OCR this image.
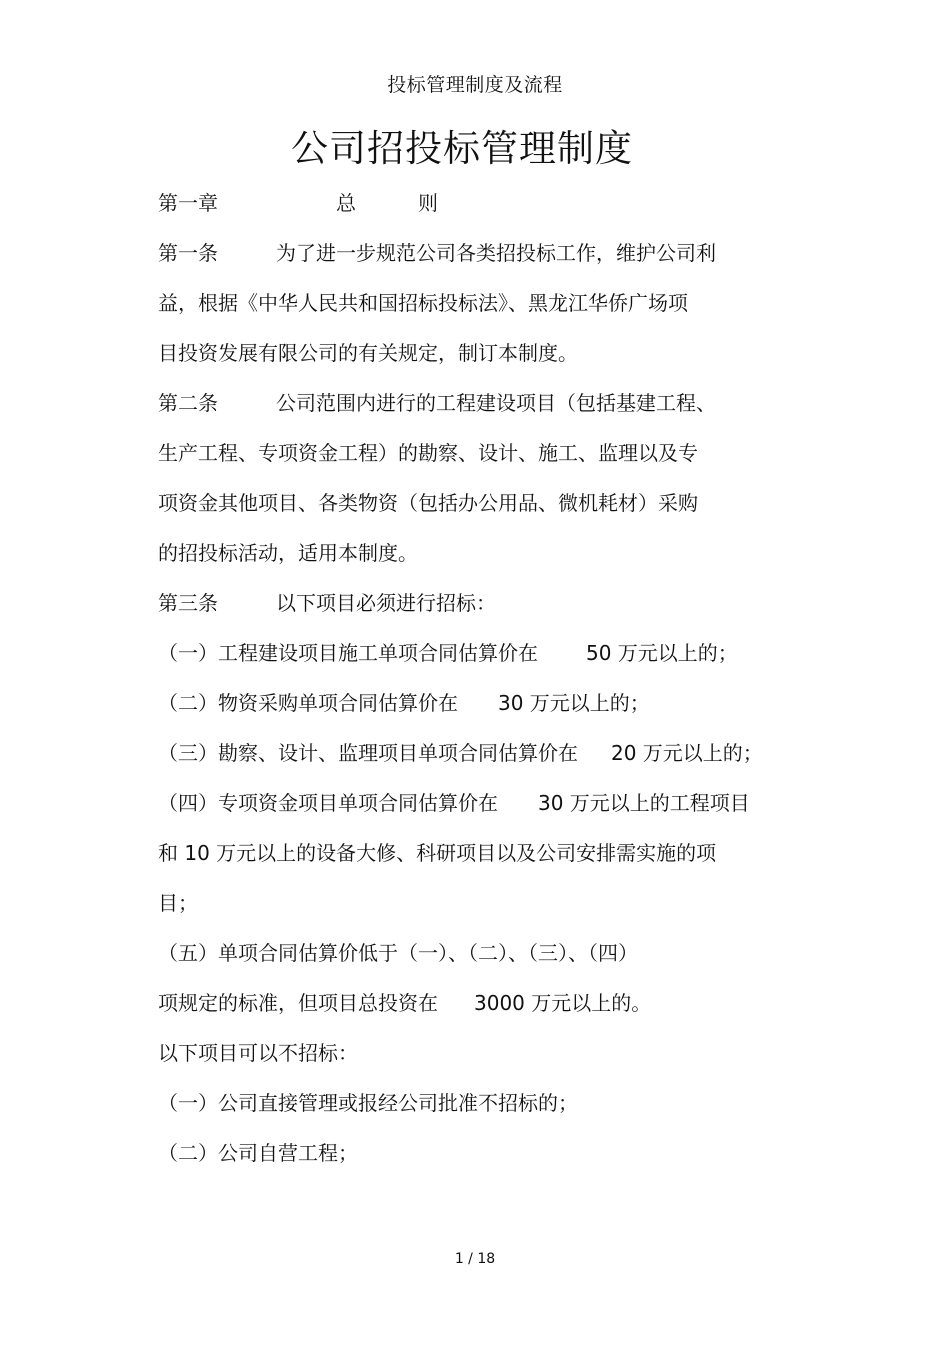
投标管理制度及流程
公司招投标管理制度
第一章	总	则
第一条	为了进一步规范公司各类招投标工作，维护公司利
益，根据《中华人民共和国招标投标法》、黑龙江华侨广场项
目投资发展有限公司的有关规定，制订本制度。
第二条	公司范围内进行的工程建设项目（包括基建工程、
生产工程、专项资金工程）的勘察、设计、施工、监理以及专
项资金其他项目、各类物资（包括办公用品、微机耗材）采购
的招投标活动，适用本制度。
第三条	以下项目必须进行招标：
（一）工程建设项目施工单项合同估算价在 50 万元以上的；
（二）物资采购单项合同估算价在 30 万元以上的；
（三）勘察、设计、监理项目单项合同估算价在 20 万元以上的；
（四）专项资金项目单项合同估算价在 30 万元以上的工程项目
和 10 万元以上的设备大修、科研项目以及公司安排需实施的项
目；
（五）单项合同估算价低于（一）、（二）、（三）、（四）
项规定的标准，但项目总投资在 3000 万元以上的。
以下项目可以不招标：
（一）公司直接管理或报经公司批准不招标的；
（二）公司自营工程；
1 / 18
